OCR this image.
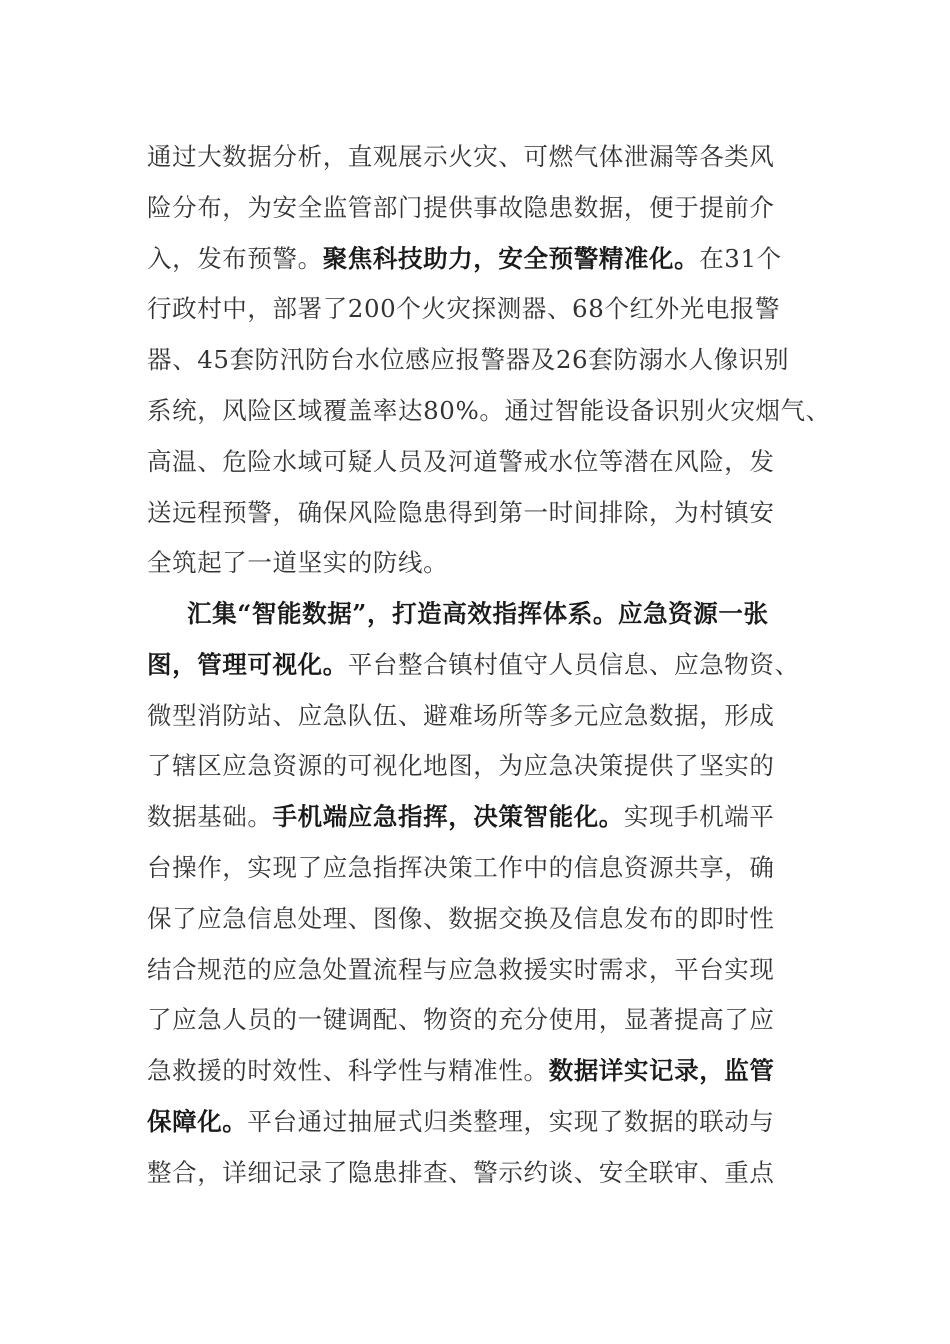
通过大数据分析，直观展示火灾、可燃气体泄漏等各类风
险分布，为安全监管部门提供事故隐患数据，便于提前介
入，发布预警。聚焦科技助力，安全预警精准化。在31个
行政村中，部署了200个火灾探测器、68个红外光电报警
器、45套防汛防台水位感应报警器及26套防溺水人像识别
系统，风险区域覆盖率达80%。通过智能设备识别火灾烟气、
高温、危险水域可疑人员及河道警戒水位等潜在风险，发
送远程预警，确保风险隐患得到第一时间排除，为村镇安
全筑起了一道坚实的防线。
汇集“智能数据”，打造高效指挥体系。应急资源一张
图，管理可视化。平台整合镇村值守人员信息、应急物资、
微型消防站、应急队伍、避难场所等多元应急数据，形成
了辖区应急资源的可视化地图，为应急决策提供了坚实的
数据基础。手机端应急指挥，决策智能化。实现手机端平
台操作，实现了应急指挥决策工作中的信息资源共享，确
保了应急信息处理、图像、数据交换及信息发布的即时性
结合规范的应急处置流程与应急救援实时需求，平台实现
了应急人员的一键调配、物资的充分使用，显著提高了应
急救援的时效性、科学性与精准性。数据详实记录，监管
保障化。平台通过抽屉式归类整理，实现了数据的联动与
整合，详细记录了隐患排查、警示约谈、安全联审、重点
